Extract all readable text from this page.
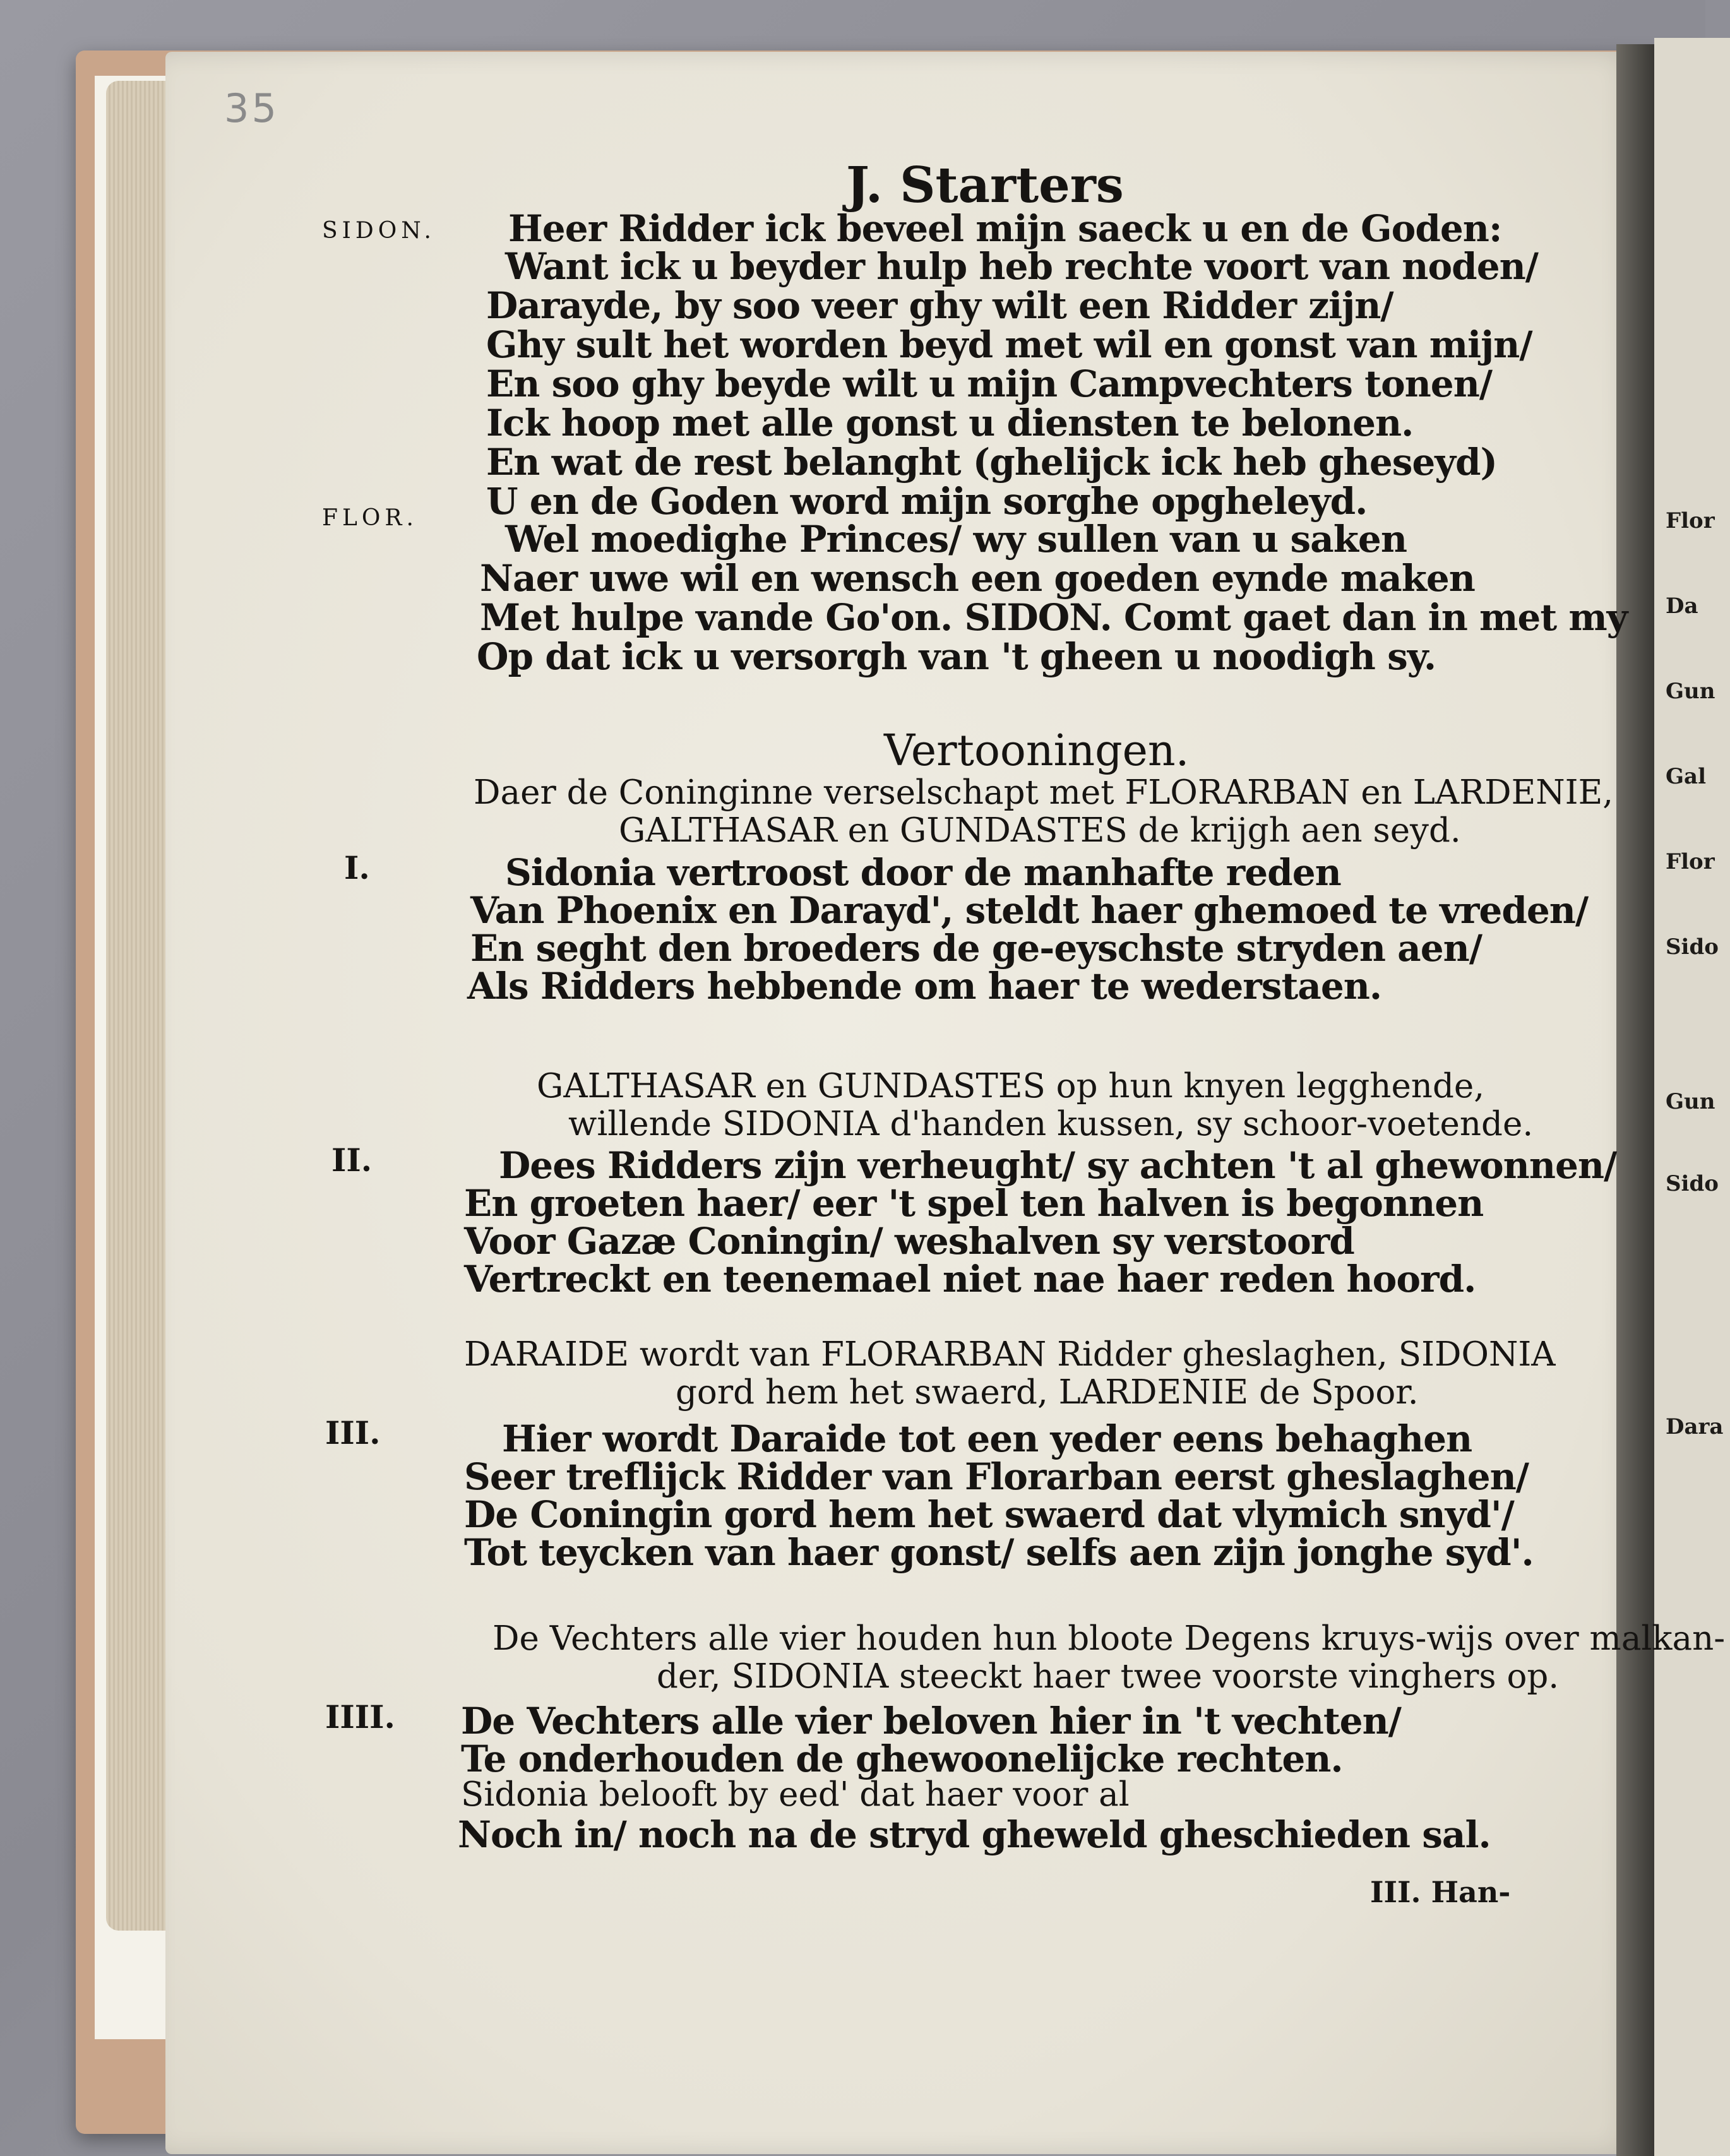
Flor
Da
Gun
Gal
Flor
Sido
Gun
Sido
Dara
35
J. Starters
SIDON. Heer Ridder ick beveel mijn saeck u en de Goden:
Want ick u beyder hulp heb rechte voort van noden/
Darayde, by soo veer ghy wilt een Ridder zijn/
Ghy sult het worden beyd met wil en gonst van mijn/
En soo ghy beyde wilt u mijn Campvechters tonen/
Ick hoop met alle gonst u diensten te belonen.
En wat de rest belanght (ghelijck ick heb gheseyd)
U en de Goden word mijn sorghe opgheleyd.
FLOR. Wel moedighe Princes/ wy sullen van u saken
Naer uwe wil en wensch een goeden eynde maken
Met hulpe vande Go'on. SIDON. Comt gaet dan in met my
Op dat ick u versorgh van 't gheen u noodigh sy.
Vertooningen.
Daer de Coninginne verselschapt met FLORARBAN en LARDENIE,
GALTHASAR en GUNDASTES de krijgh aen seyd.
I.	Sidonia vertroost door de manhafte reden
Van Phoenix en Darayd', steldt haer ghemoed te vreden/
En seght den broeders de ge-eyschste stryden aen/
Als Ridders hebbende om haer te wederstaen.
GALTHASAR en GUNDASTES op hun knyen legghende,
willende SIDONIA d'handen kussen, sy schoor-voetende.
II.	Dees Ridders zijn verheught/ sy achten 't al ghewonnen/
En groeten haer/ eer 't spel ten halven is begonnen
Voor Gazæ Coningin/ weshalven sy verstoord
Vertreckt en teenemael niet nae haer reden hoord.
DARAIDE wordt van FLORARBAN Ridder gheslaghen, SIDONIA
gord hem het swaerd, LARDENIE de Spoor.
III.	Hier wordt Daraide tot een yeder eens behaghen
Seer treflijck Ridder van Florarban eerst gheslaghen/
De Coningin gord hem het swaerd dat vlymich snyd'/
Tot teycken van haer gonst/ selfs aen zijn jonghe syd'.
De Vechters alle vier houden hun bloote Degens kruys-wijs over malkan-
der, SIDONIA steeckt haer twee voorste vinghers op.
IIII. De Vechters alle vier beloven hier in 't vechten/
Te onderhouden de ghewoonelijcke rechten.
Sidonia belooft by eed' dat haer voor al
Noch in/ noch na de stryd gheweld gheschieden sal.
III. Han-
